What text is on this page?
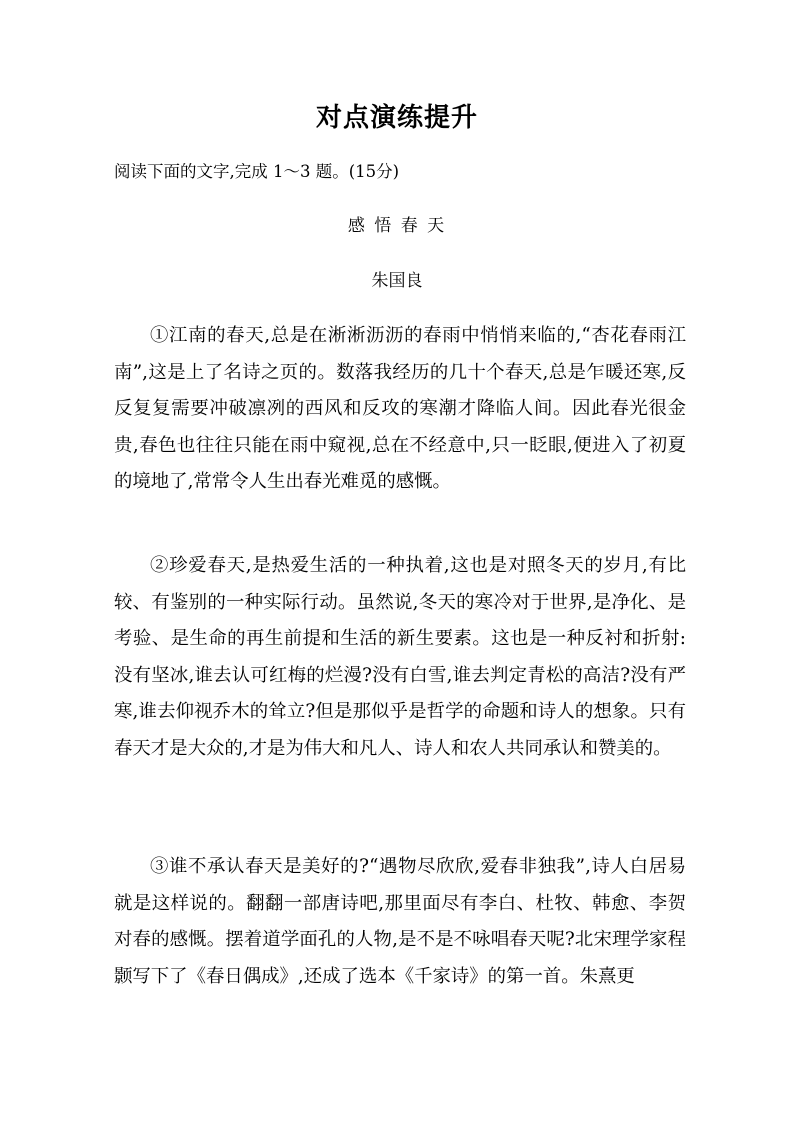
对点演练提升
阅读下面的文字,完成 1～3 题。(15分)
感 悟 春 天
朱国良

①江南的春天,总是在淅淅沥沥的春雨中悄悄来临的,“杏花春雨江南”,这是上了名诗之页的。数落我经历的几十个春天,总是乍暖还寒,反反复复需要冲破凛冽的西风和反攻的寒潮才降临人间。因此春光很金贵,春色也往往只能在雨中窥视,总在不经意中,只一眨眼,便进入了初夏的境地了,常常令人生出春光难觅的感慨。

②珍爱春天,是热爱生活的一种执着,这也是对照冬天的岁月,有比较、有鉴别的一种实际行动。虽然说,冬天的寒冷对于世界,是净化、是考验、是生命的再生前提和生活的新生要素。这也是一种反衬和折射:没有坚冰,谁去认可红梅的烂漫?没有白雪,谁去判定青松的高洁?没有严寒,谁去仰视乔木的耸立?但是那似乎是哲学的命题和诗人的想象。只有春天才是大众的,才是为伟大和凡人、诗人和农人共同承认和赞美的。

③谁不承认春天是美好的?“遇物尽欣欣,爱春非独我”,诗人白居易就是这样说的。翻翻一部唐诗吧,那里面尽有李白、杜牧、韩愈、李贺对春的感慨。摆着道学面孔的人物,是不是不咏唱春天呢?北宋理学家程颢写下了《春日偶成》,还成了选本《千家诗》的第一首。朱熹更
